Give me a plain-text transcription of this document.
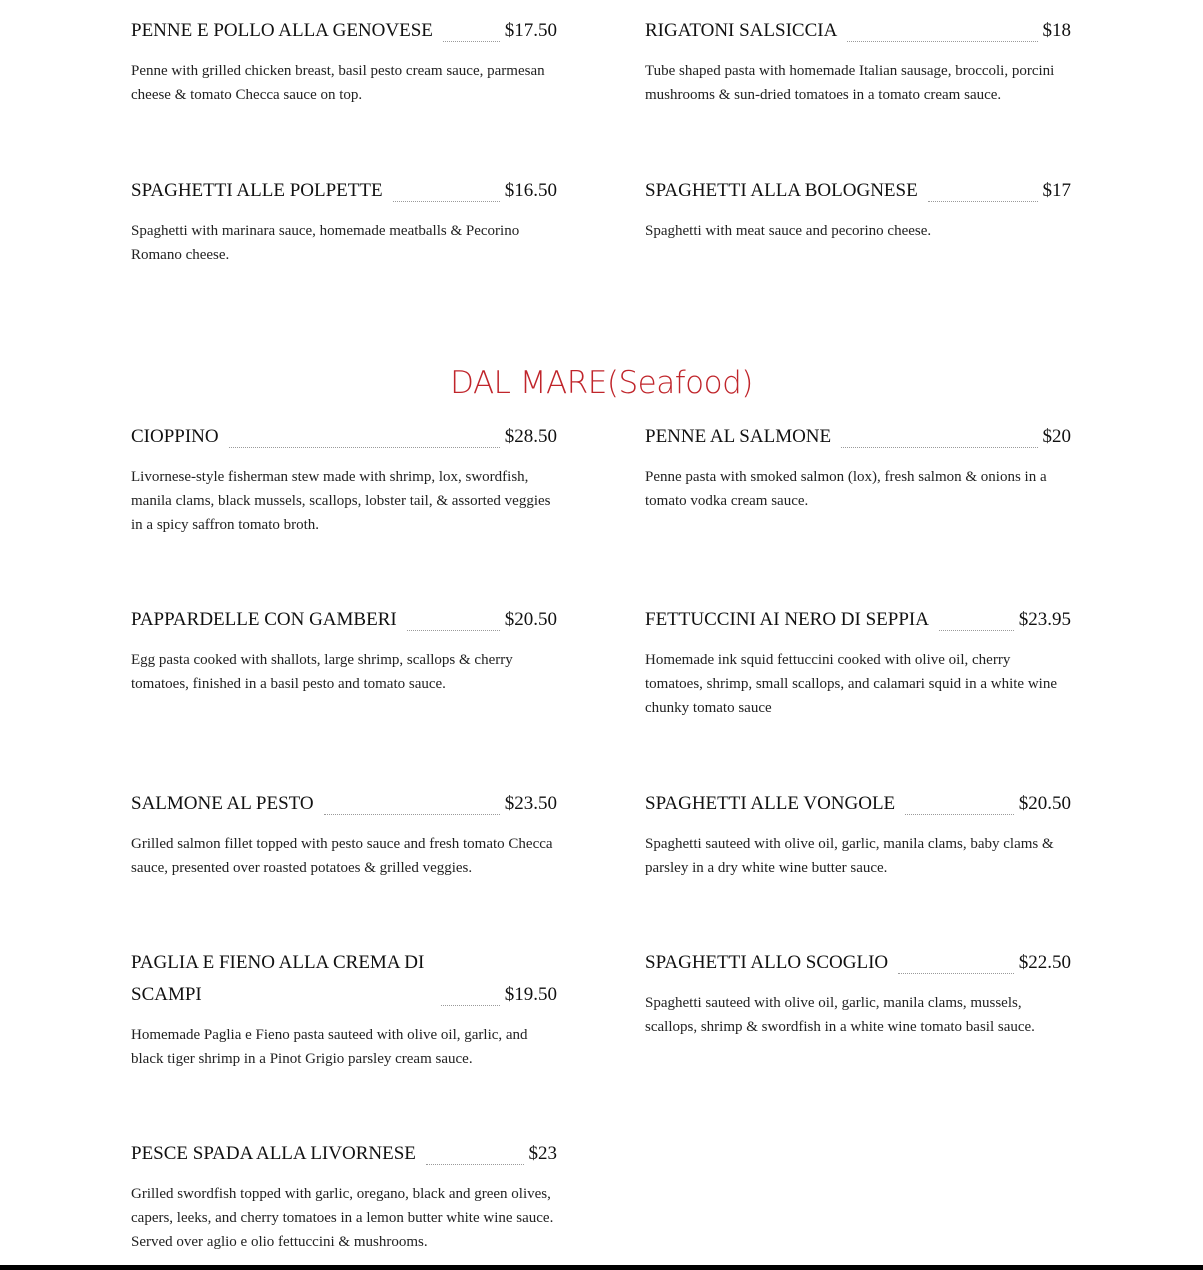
PENNE E POLLO ALLA GENOVESE	$17.50
Penne with grilled chicken breast, basil pesto cream sauce, parmesan cheese & tomato Checca sauce on top.
RIGATONI SALSICCIA	$18
Tube shaped pasta with homemade Italian sausage, broccoli, porcini mushrooms & sun-dried tomatoes in a tomato cream sauce.
SPAGHETTI ALLE POLPETTE	$16.50
Spaghetti with marinara sauce, homemade meatballs & Pecorino Romano cheese.
SPAGHETTI ALLA BOLOGNESE	$17
Spaghetti with meat sauce and pecorino cheese.
DAL MARE(Seafood)
CIOPPINO	$28.50
Livornese-style fisherman stew made with shrimp, lox, swordfish, manila clams, black mussels, scallops, lobster tail, & assorted veggies in a spicy saffron tomato broth.
PENNE AL SALMONE	$20
Penne pasta with smoked salmon (lox), fresh salmon & onions in a tomato vodka cream sauce.
PAPPARDELLE CON GAMBERI	$20.50
Egg pasta cooked with shallots, large shrimp, scallops & cherry tomatoes, finished in a basil pesto and tomato sauce.
FETTUCCINI AI NERO DI SEPPIA	$23.95
Homemade ink squid fettuccini cooked with olive oil, cherry tomatoes, shrimp, small scallops, and calamari squid in a white wine chunky tomato sauce
SALMONE AL PESTO	$23.50
Grilled salmon fillet topped with pesto sauce and fresh tomato Checca sauce, presented over roasted potatoes & grilled veggies.
SPAGHETTI ALLE VONGOLE	$20.50
Spaghetti sauteed with olive oil, garlic, manila clams, baby clams & parsley in a dry white wine butter sauce.
PAGLIA E FIENO ALLA CREMA DI SCAMPI	$19.50
Homemade Paglia e Fieno pasta sauteed with olive oil, garlic, and black tiger shrimp in a Pinot Grigio parsley cream sauce.
SPAGHETTI ALLO SCOGLIO	$22.50
Spaghetti sauteed with olive oil, garlic, manila clams, mussels, scallops, shrimp & swordfish in a white wine tomato basil sauce.
PESCE SPADA ALLA LIVORNESE	$23
Grilled swordfish topped with garlic, oregano, black and green olives, capers, leeks, and cherry tomatoes in a lemon butter white wine sauce. Served over aglio e olio fettuccini & mushrooms.
